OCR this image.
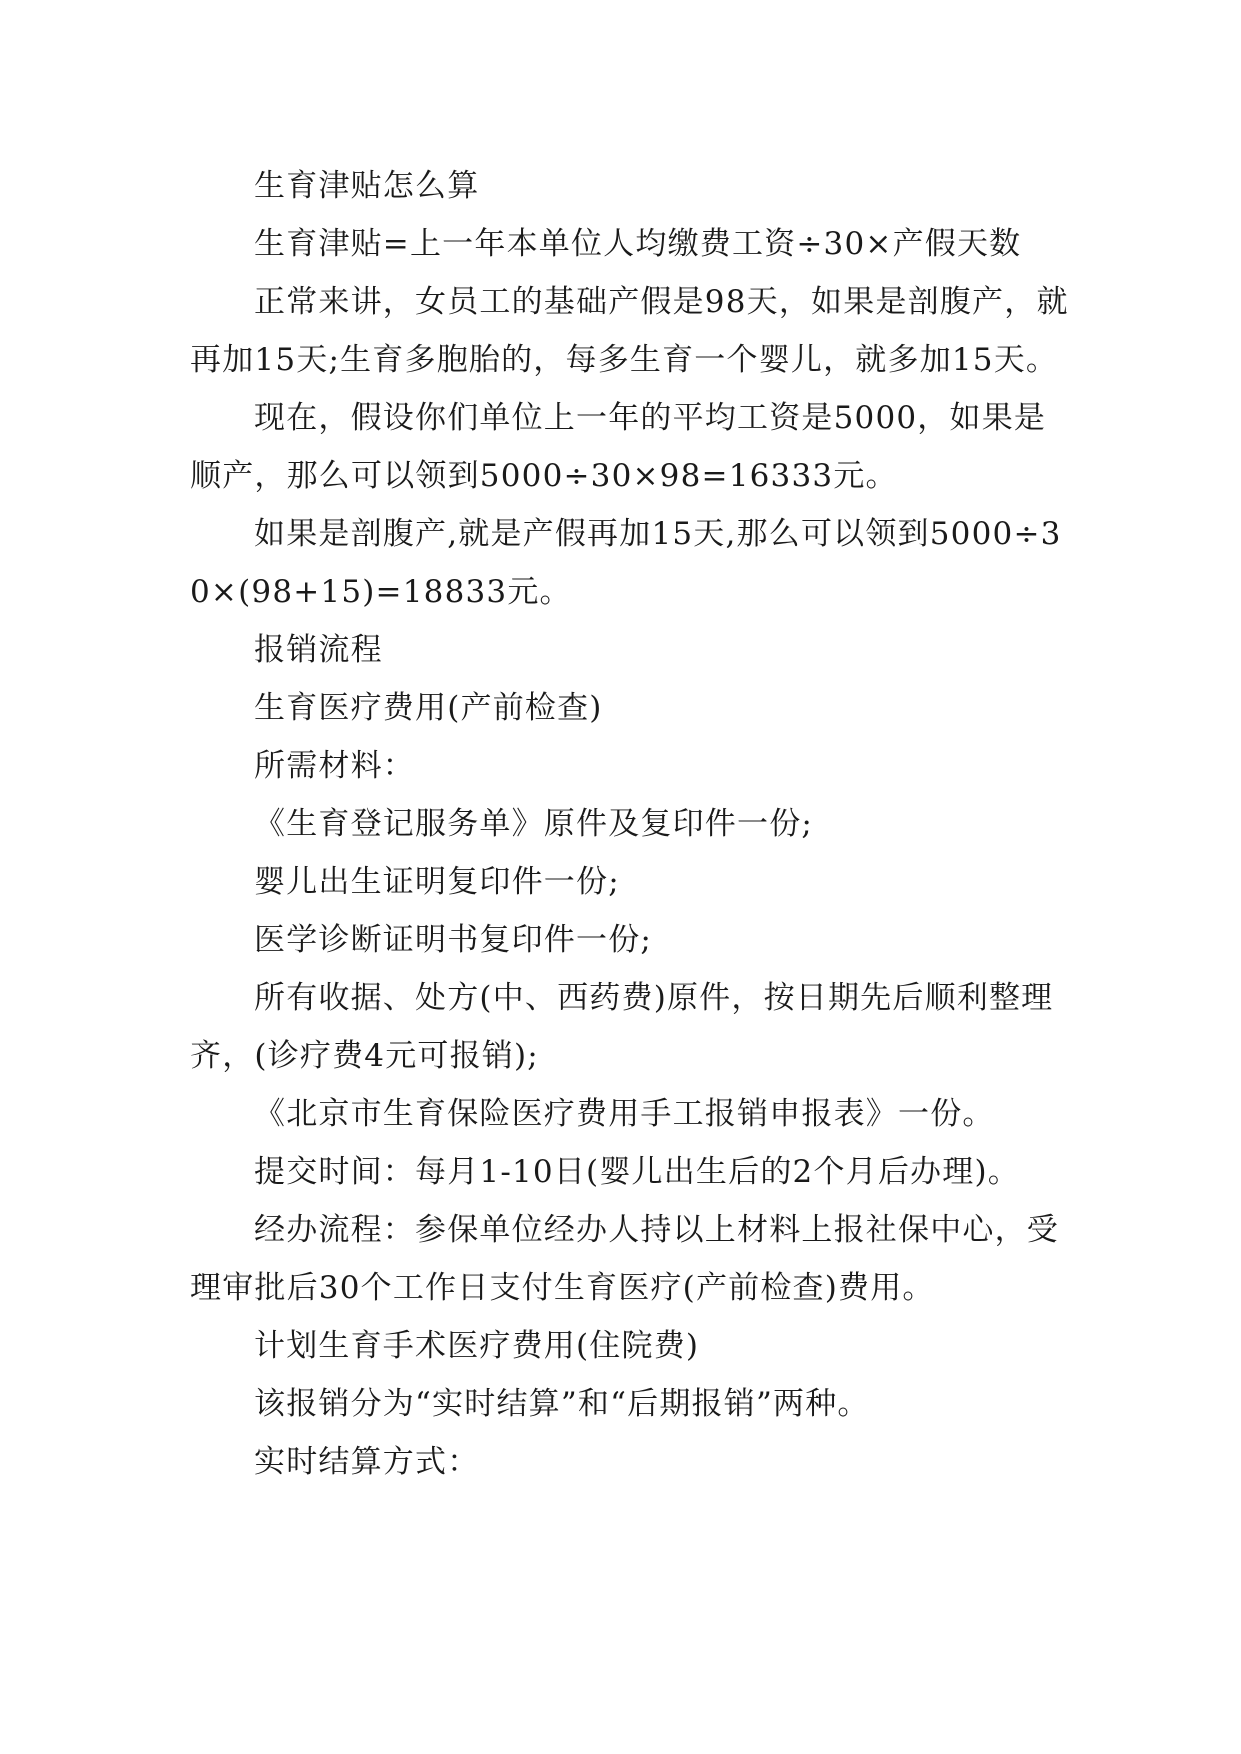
生育津贴怎么算

生育津贴=上一年本单位人均缴费工资÷30×产假天数

正常来讲，女员工的基础产假是98天，如果是剖腹产，就再加15天;生育多胞胎的，每多生育一个婴儿，就多加15天。

现在，假设你们单位上一年的平均工资是5000，如果是顺产，那么可以领到5000÷30×98=16333元。

如果是剖腹产,就是产假再加15天,那么可以领到5000÷30×(98+15)=18833元。

报销流程

生育医疗费用(产前检查)

所需材料：

《生育登记服务单》原件及复印件一份;

婴儿出生证明复印件一份;

医学诊断证明书复印件一份;

所有收据、处方(中、西药费)原件，按日期先后顺利整理齐，(诊疗费4元可报销);

《北京市生育保险医疗费用手工报销申报表》一份。

提交时间：每月1-10日(婴儿出生后的2个月后办理)。

经办流程：参保单位经办人持以上材料上报社保中心，受理审批后30个工作日支付生育医疗(产前检查)费用。

计划生育手术医疗费用(住院费)

该报销分为“实时结算”和“后期报销”两种。

实时结算方式：
